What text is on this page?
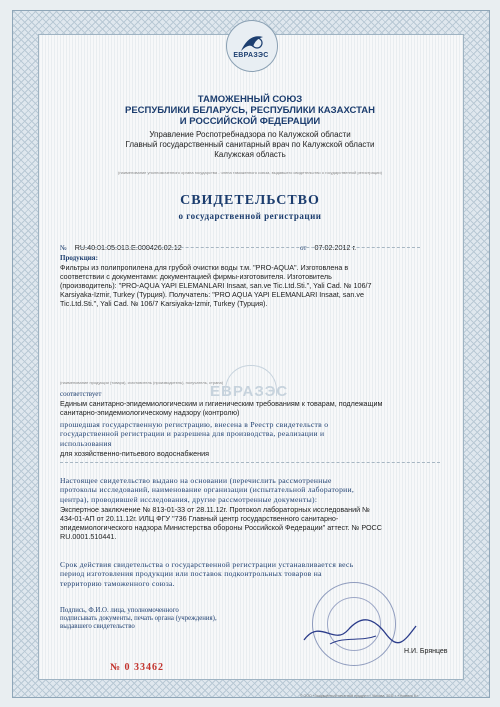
ЕВРАЗЭС
ТАМОЖЕННЫЙ СОЮЗ
РЕСПУБЛИКИ БЕЛАРУСЬ, РЕСПУБЛИКИ КАЗАХСТАН
И РОССИЙСКОЙ ФЕДЕРАЦИИ
Управление Роспотребнадзора по Калужской области
Главный государственный санитарный врач по Калужской области
Калужская область
(наименование уполномоченного органа государства - члена таможенного союза, выдавшего свидетельство о государственной регистрации)
СВИДЕТЕЛЬСТВО
о государственной регистрации
№ RU.40.01.05.013.Е.000426.02.12	от 07.02.2012 г.
Продукция:
Фильтры из полипропилена для грубой очистки воды т.м. "PRO-AQUA". Изготовлена в
соответствии с документами: документацией фирмы-изготовителя. Изготовитель
(производитель): "PRO-AQUA YAPI ELEMANLARI Insaat, san.ve Tic.Ltd.Sti.", Yali Cad. № 106/7
Karsiyaka-Izmir, Turkey (Турция). Получатель: "PRO AQUA YAPI ELEMANLARI Insaat, san.ve
Tic.Ltd.Sti.", Yali Cad. № 106/7 Karsiyaka-Izmir, Turkey (Турция).
ЕВРАЗЭС
(наименование продукции (товара), изготовитель (производитель), получатель, страна)
соответствует
Единым санитарно-эпидемиологическим и гигиеническим требованиям к товарам, подлежащим
санитарно-эпидемиологическому надзору (контролю)
прошедшая государственную регистрацию, внесена в Реестр свидетельств о
государственной регистрации и разрешена для производства, реализации и
использования
для хозяйственно-питьевого водоснабжения
Настоящее свидетельство выдано на основании (перечислить рассмотренные
протоколы исследований, наименование организации (испытательной лаборатории,
центра), проводившей исследования, другие рассмотренные документы):
Экспертное заключение № 813-01-33 от 28.11.12г. Протокол лабораторных исследований №
434-01-АП от 20.11.12г. ИЛЦ ФГУ "736 Главный центр государственного санитарно-
эпидемиологического надзора Министерства обороны Российской Федерации" аттест. № РОСС
RU.0001.510441.
Срок действия свидетельства о государственной регистрации устанавливается весь
период изготовления продукции или поставок подконтрольных товаров на
территорию таможенного союза.
Подпись, Ф.И.О. лица, уполномоченного
подписывать документы, печать органа (учреждения),
выдавшего свидетельство
Н.И. Брянцев
№ 0 33462
© ООО «Защищённый печатный продукт» г. Москва, 2011 г. «Уровень Б»
